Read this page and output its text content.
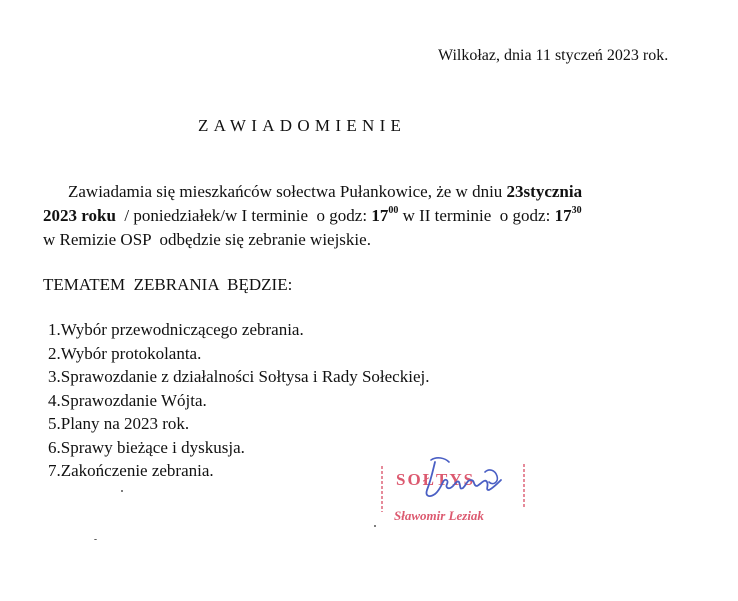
Wilkołaz, dnia 11 styczeń 2023 rok.
ZAWIADOMIENIE
Zawiadamia się mieszkańców sołectwa Pułankowice, że w dniu 23stycznia
2023 roku  / poniedziałek/w I terminie  o godz: $17^{00}$ w II terminie  o godz: $17^{30}$
w Remizie OSP  odbędzie się zebranie wiejskie.
TEMATEM  ZEBRANIA  BĘDZIE:
1.Wybór przewodniczącego zebrania.
2.Wybór protokolanta.
3.Sprawozdanie z działalności Sołtysa i Rady Sołeckiej.
4.Sprawozdanie Wójta.
5.Plany na 2023 rok.
6.Sprawy bieżące i dyskusja.
7.Zakończenie zebrania.	SOŁTYS
Sławomir Leziak
